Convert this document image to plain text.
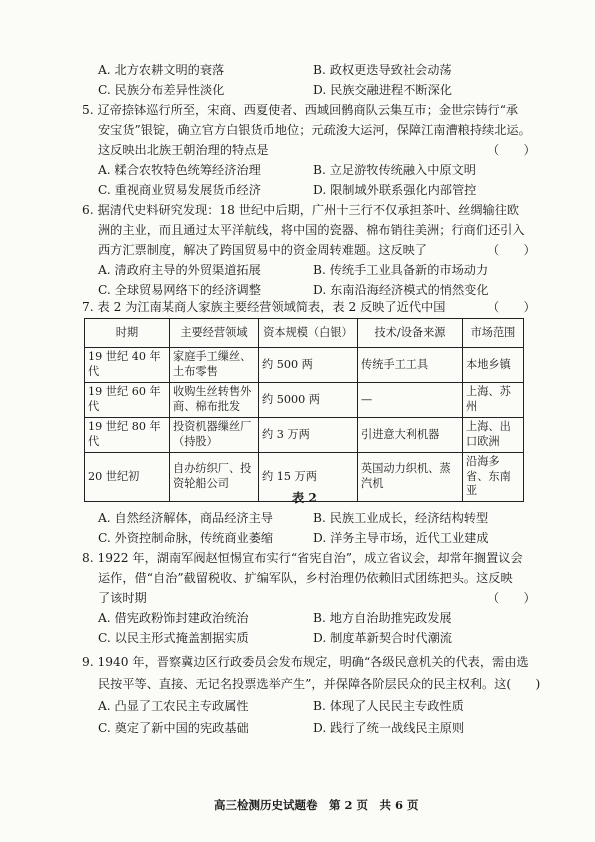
A. 北方农耕文明的衰落	B. 政权更迭导致社会动荡
C. 民族分布差异性淡化	D. 民族交融进程不断深化
5. 辽帝捺钵巡行所至，宋商、西夏使者、西域回鹘商队云集互市；金世宗铸行“承
安宝货”银锭，确立官方白银货币地位；元疏浚大运河，保障江南漕粮持续北运。
这反映出北族王朝治理的特点是	（　　）
A. 糅合农牧特色统筹经济治理	B. 立足游牧传统融入中原文明
C. 重视商业贸易发展货币经济	D. 限制域外联系强化内部管控
6. 据清代史料研究发现：18 世纪中后期，广州十三行不仅承担茶叶、丝绸输往欧
洲的主业，而且通过太平洋航线，将中国的瓷器、棉布销往美洲；行商们还引入
西方汇票制度，解决了跨国贸易中的资金周转难题。这反映了	（　　）
A. 清政府主导的外贸渠道拓展	B. 传统手工业具备新的市场动力
C. 全球贸易网络下的经济调整	D. 东南沿海经济模式的悄然变化
7. 表 2 为江南某商人家族主要经营领域简表，表 2 反映了近代中国	（　　）
时期	主要经营领域	资本规模（白银）	技术/设备来源	市场范围
19 世纪 40 年代	家庭手工缫丝、土布零售	约 500 两	传统手工工具	本地乡镇
19 世纪 60 年代	收购生丝转售外商、棉布批发	约 5000 两	—	上海、苏州
19 世纪 80 年代	投资机器缫丝厂（持股）	约 3 万两	引进意大利机器	上海、出口欧洲
20 世纪初	自办纺织厂、投资轮船公司	约 15 万两	英国动力织机、蒸汽机	沿海多省、东南亚
表 2
A. 自然经济解体，商品经济主导	B. 民族工业成长，经济结构转型
C. 外资控制命脉，传统商业萎缩	D. 洋务主导市场，近代工业建成
8. 1922 年，湖南军阀赵恒惕宣布实行“省宪自治”，成立省议会，却常年搁置议会
运作，借“自治”截留税收、扩编军队，乡村治理仍依赖旧式团练把头。这反映
了该时期	（　　）
A. 借宪政粉饰封建政治统治	B. 地方自治助推宪政发展
C. 以民主形式掩盖割据实质	D. 制度革新契合时代潮流
9. 1940 年，晋察冀边区行政委员会发布规定，明确“各级民意机关的代表，需由选
民按平等、直接、无记名投票选举产生”，并保障各阶层民众的民主权利。这(　　)
A. 凸显了工农民主专政属性	B. 体现了人民民主专政性质
C. 奠定了新中国的宪政基础	D. 践行了统一战线民主原则
高三检测历史试题卷　第 2 页　共 6 页
